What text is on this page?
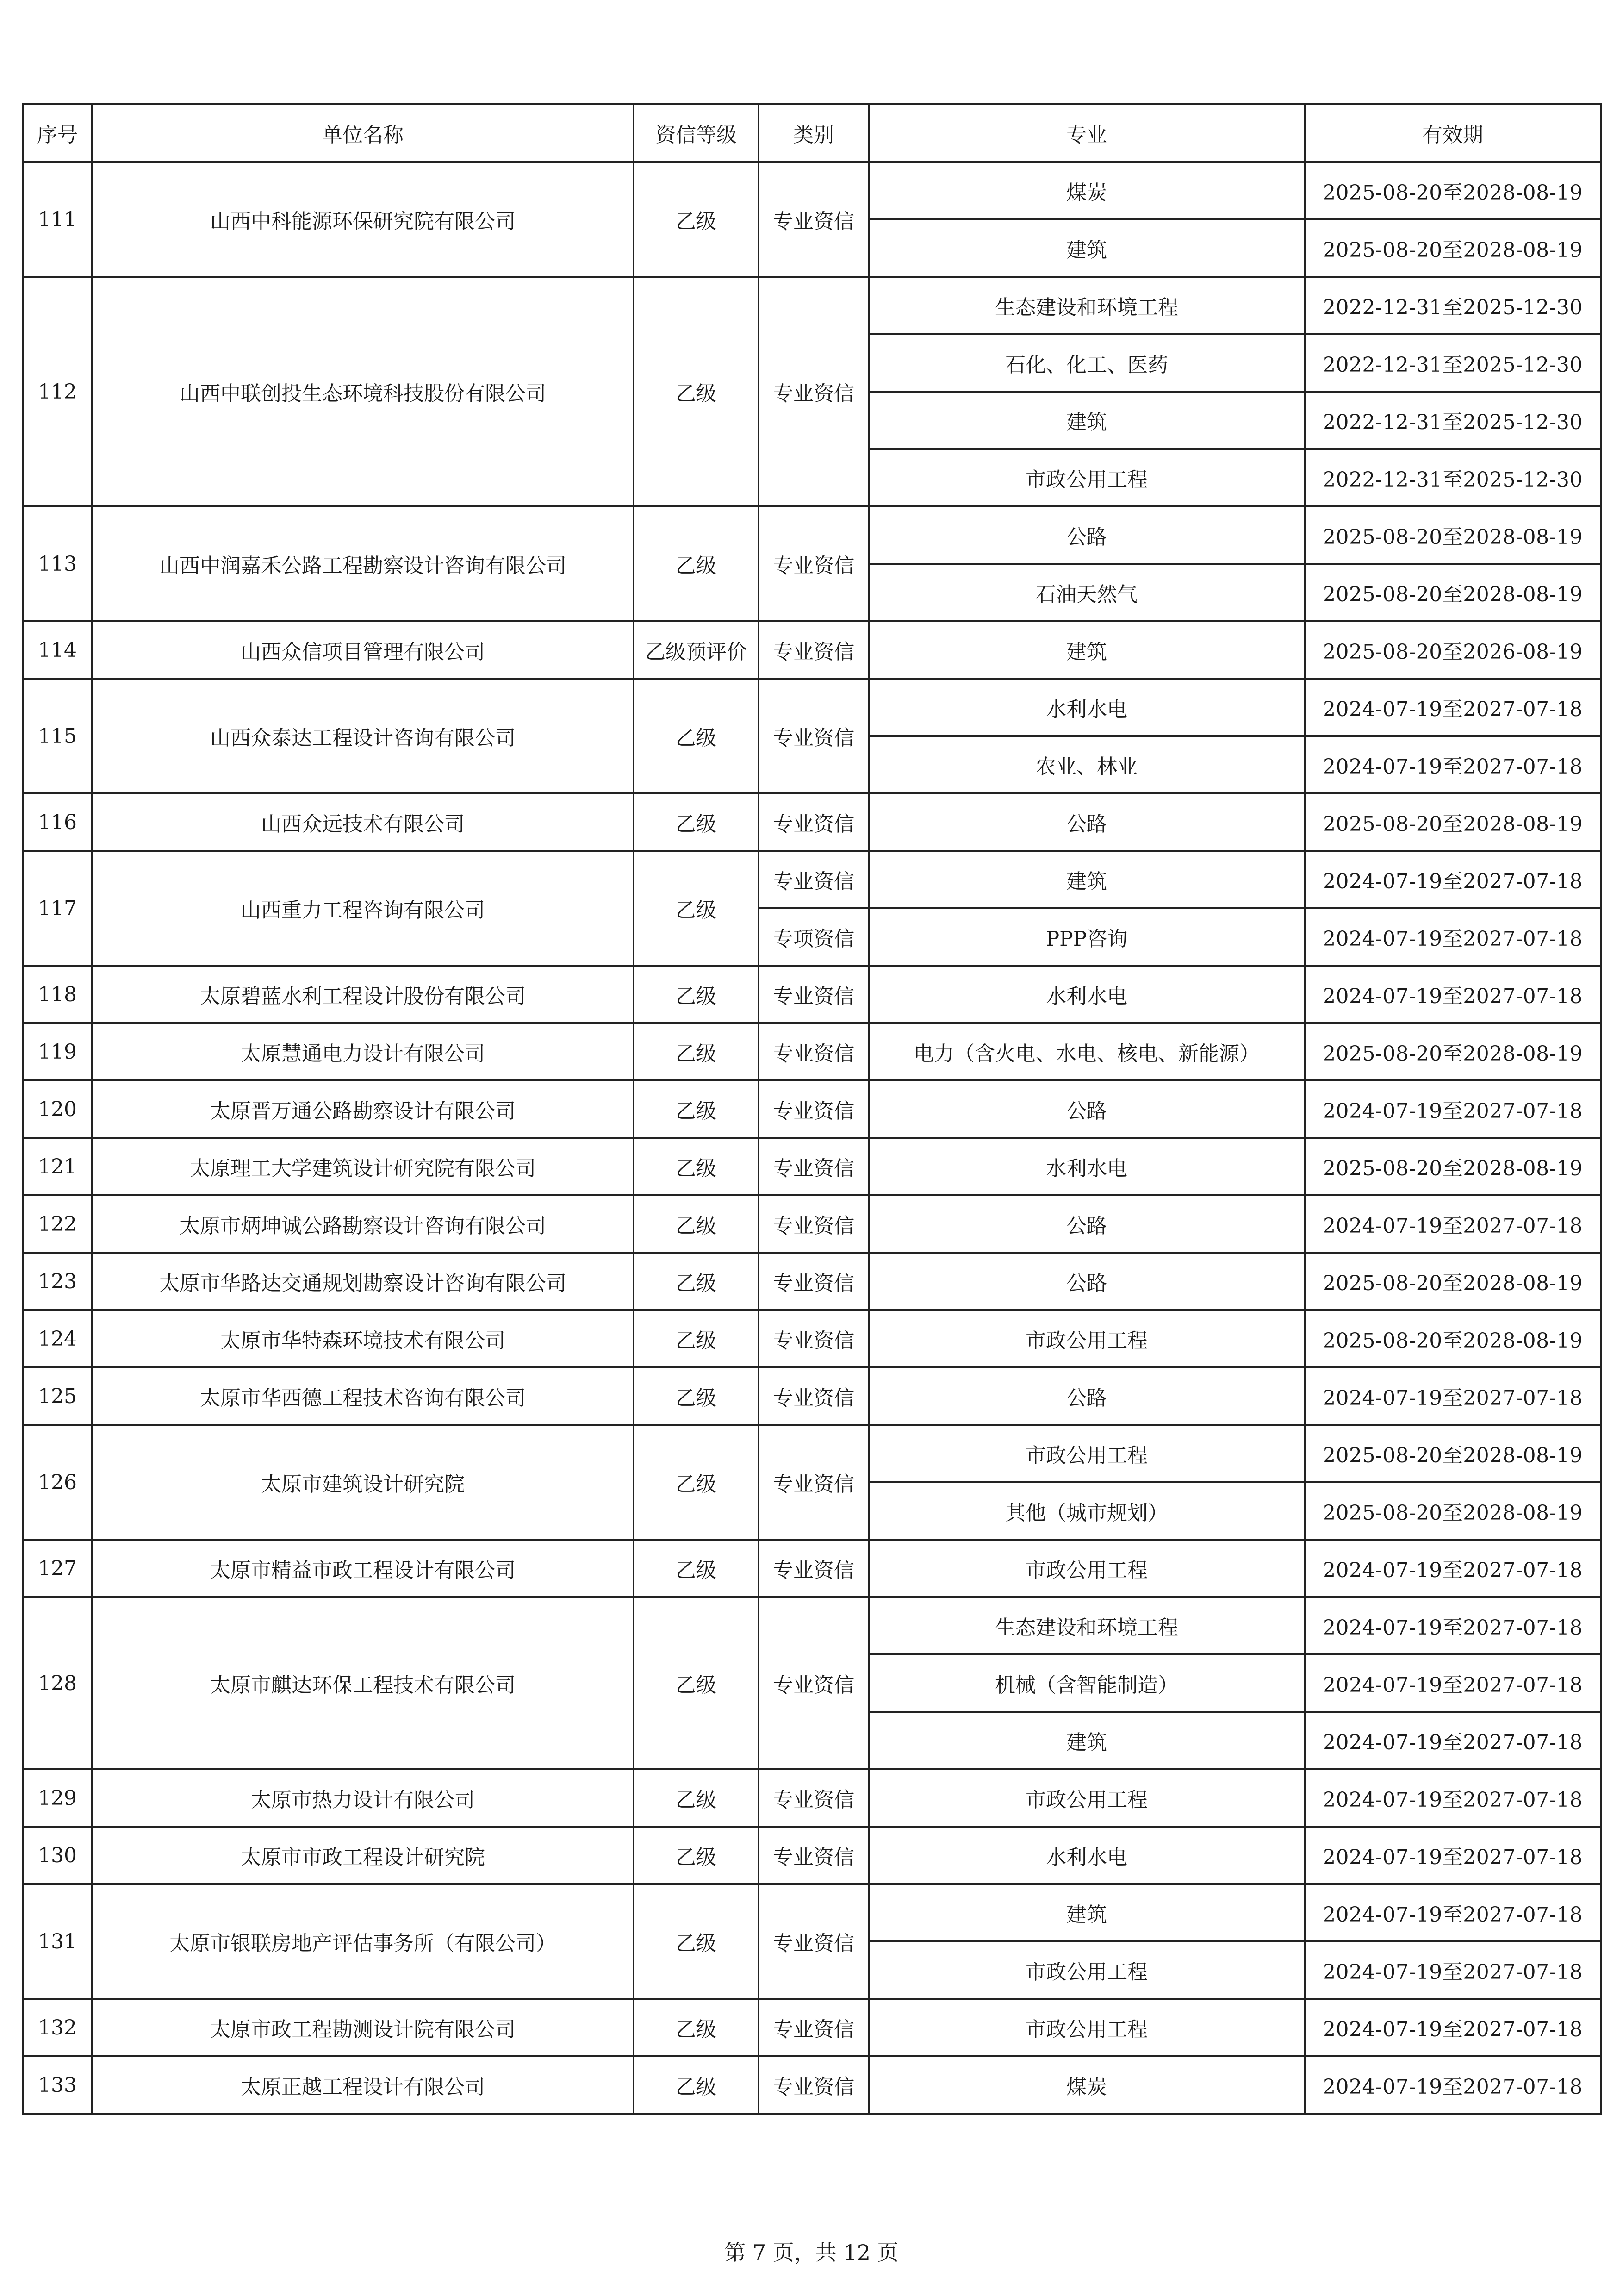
序号	单位名称	资信等级	类别	专业	有效期
111	山西中科能源环保研究院有限公司	乙级	专业资信	煤炭	2025-08-20至2028-08-19
				建筑	2025-08-20至2028-08-19
112	山西中联创投生态环境科技股份有限公司	乙级	专业资信	生态建设和环境工程	2022-12-31至2025-12-30
				石化、化工、医药	2022-12-31至2025-12-30
				建筑	2022-12-31至2025-12-30
				市政公用工程	2022-12-31至2025-12-30
113	山西中润嘉禾公路工程勘察设计咨询有限公司	乙级	专业资信	公路	2025-08-20至2028-08-19
				石油天然气	2025-08-20至2028-08-19
114	山西众信项目管理有限公司	乙级预评价	专业资信	建筑	2025-08-20至2026-08-19
115	山西众泰达工程设计咨询有限公司	乙级	专业资信	水利水电	2024-07-19至2027-07-18
				农业、林业	2024-07-19至2027-07-18
116	山西众远技术有限公司	乙级	专业资信	公路	2025-08-20至2028-08-19
117	山西重力工程咨询有限公司	乙级	专业资信	建筑	2024-07-19至2027-07-18
			专项资信	PPP咨询	2024-07-19至2027-07-18
118	太原碧蓝水利工程设计股份有限公司	乙级	专业资信	水利水电	2024-07-19至2027-07-18
119	太原慧通电力设计有限公司	乙级	专业资信	电力（含火电、水电、核电、新能源）	2025-08-20至2028-08-19
120	太原晋万通公路勘察设计有限公司	乙级	专业资信	公路	2024-07-19至2027-07-18
121	太原理工大学建筑设计研究院有限公司	乙级	专业资信	水利水电	2025-08-20至2028-08-19
122	太原市炳坤诚公路勘察设计咨询有限公司	乙级	专业资信	公路	2024-07-19至2027-07-18
123	太原市华路达交通规划勘察设计咨询有限公司	乙级	专业资信	公路	2025-08-20至2028-08-19
124	太原市华特森环境技术有限公司	乙级	专业资信	市政公用工程	2025-08-20至2028-08-19
125	太原市华西德工程技术咨询有限公司	乙级	专业资信	公路	2024-07-19至2027-07-18
126	太原市建筑设计研究院	乙级	专业资信	市政公用工程	2025-08-20至2028-08-19
				其他（城市规划）	2025-08-20至2028-08-19
127	太原市精益市政工程设计有限公司	乙级	专业资信	市政公用工程	2024-07-19至2027-07-18
128	太原市麒达环保工程技术有限公司	乙级	专业资信	生态建设和环境工程	2024-07-19至2027-07-18
				机械（含智能制造）	2024-07-19至2027-07-18
				建筑	2024-07-19至2027-07-18
129	太原市热力设计有限公司	乙级	专业资信	市政公用工程	2024-07-19至2027-07-18
130	太原市市政工程设计研究院	乙级	专业资信	水利水电	2024-07-19至2027-07-18
131	太原市银联房地产评估事务所（有限公司）	乙级	专业资信	建筑	2024-07-19至2027-07-18
				市政公用工程	2024-07-19至2027-07-18
132	太原市政工程勘测设计院有限公司	乙级	专业资信	市政公用工程	2024-07-19至2027-07-18
133	太原正越工程设计有限公司	乙级	专业资信	煤炭	2024-07-19至2027-07-18
第 7 页，共 12 页
